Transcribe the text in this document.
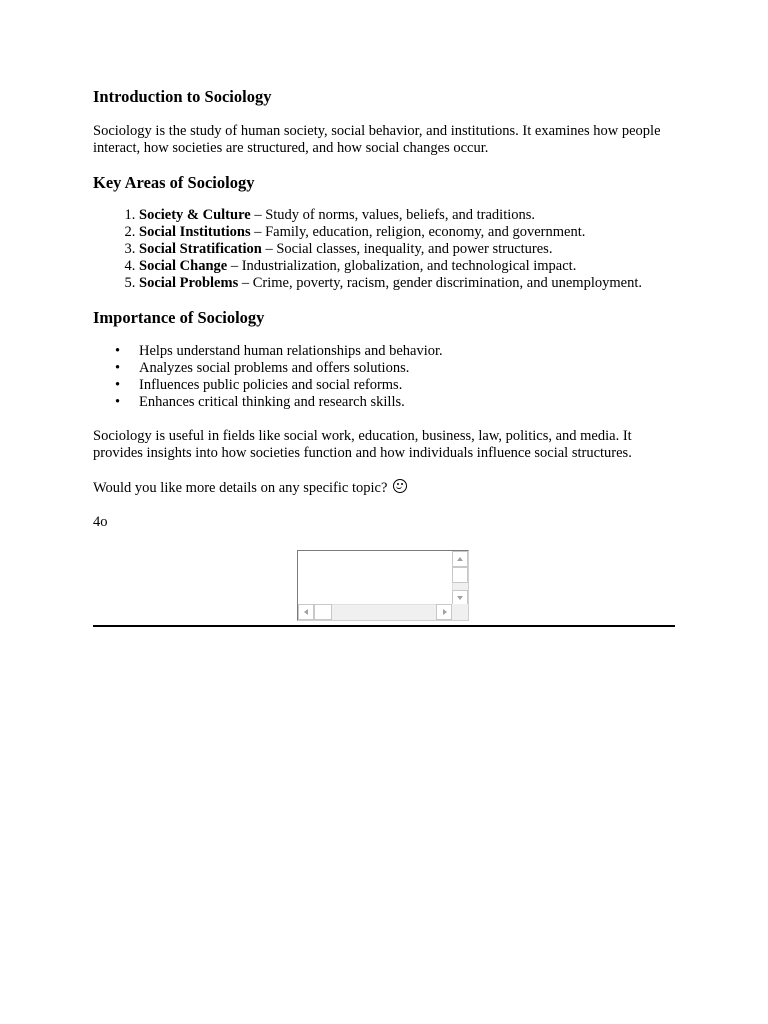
Introduction to Sociology

Sociology is the study of human society, social behavior, and institutions. It examines how people interact, how societies are structured, and how social changes occur.

Key Areas of Sociology
1. Society & Culture – Study of norms, values, beliefs, and traditions.
2. Social Institutions – Family, education, religion, economy, and government.
3. Social Stratification – Social classes, inequality, and power structures.
4. Social Change – Industrialization, globalization, and technological impact.
5. Social Problems – Crime, poverty, racism, gender discrimination, and unemployment.
Importance of Sociology
• Helps understand human relationships and behavior.
• Analyzes social problems and offers solutions.
• Influences public policies and social reforms.
• Enhances critical thinking and research skills.

Sociology is useful in fields like social work, education, business, law, politics, and media. It provides insights into how societies function and how individuals influence social structures.

Would you like more details on any specific topic?

4o
